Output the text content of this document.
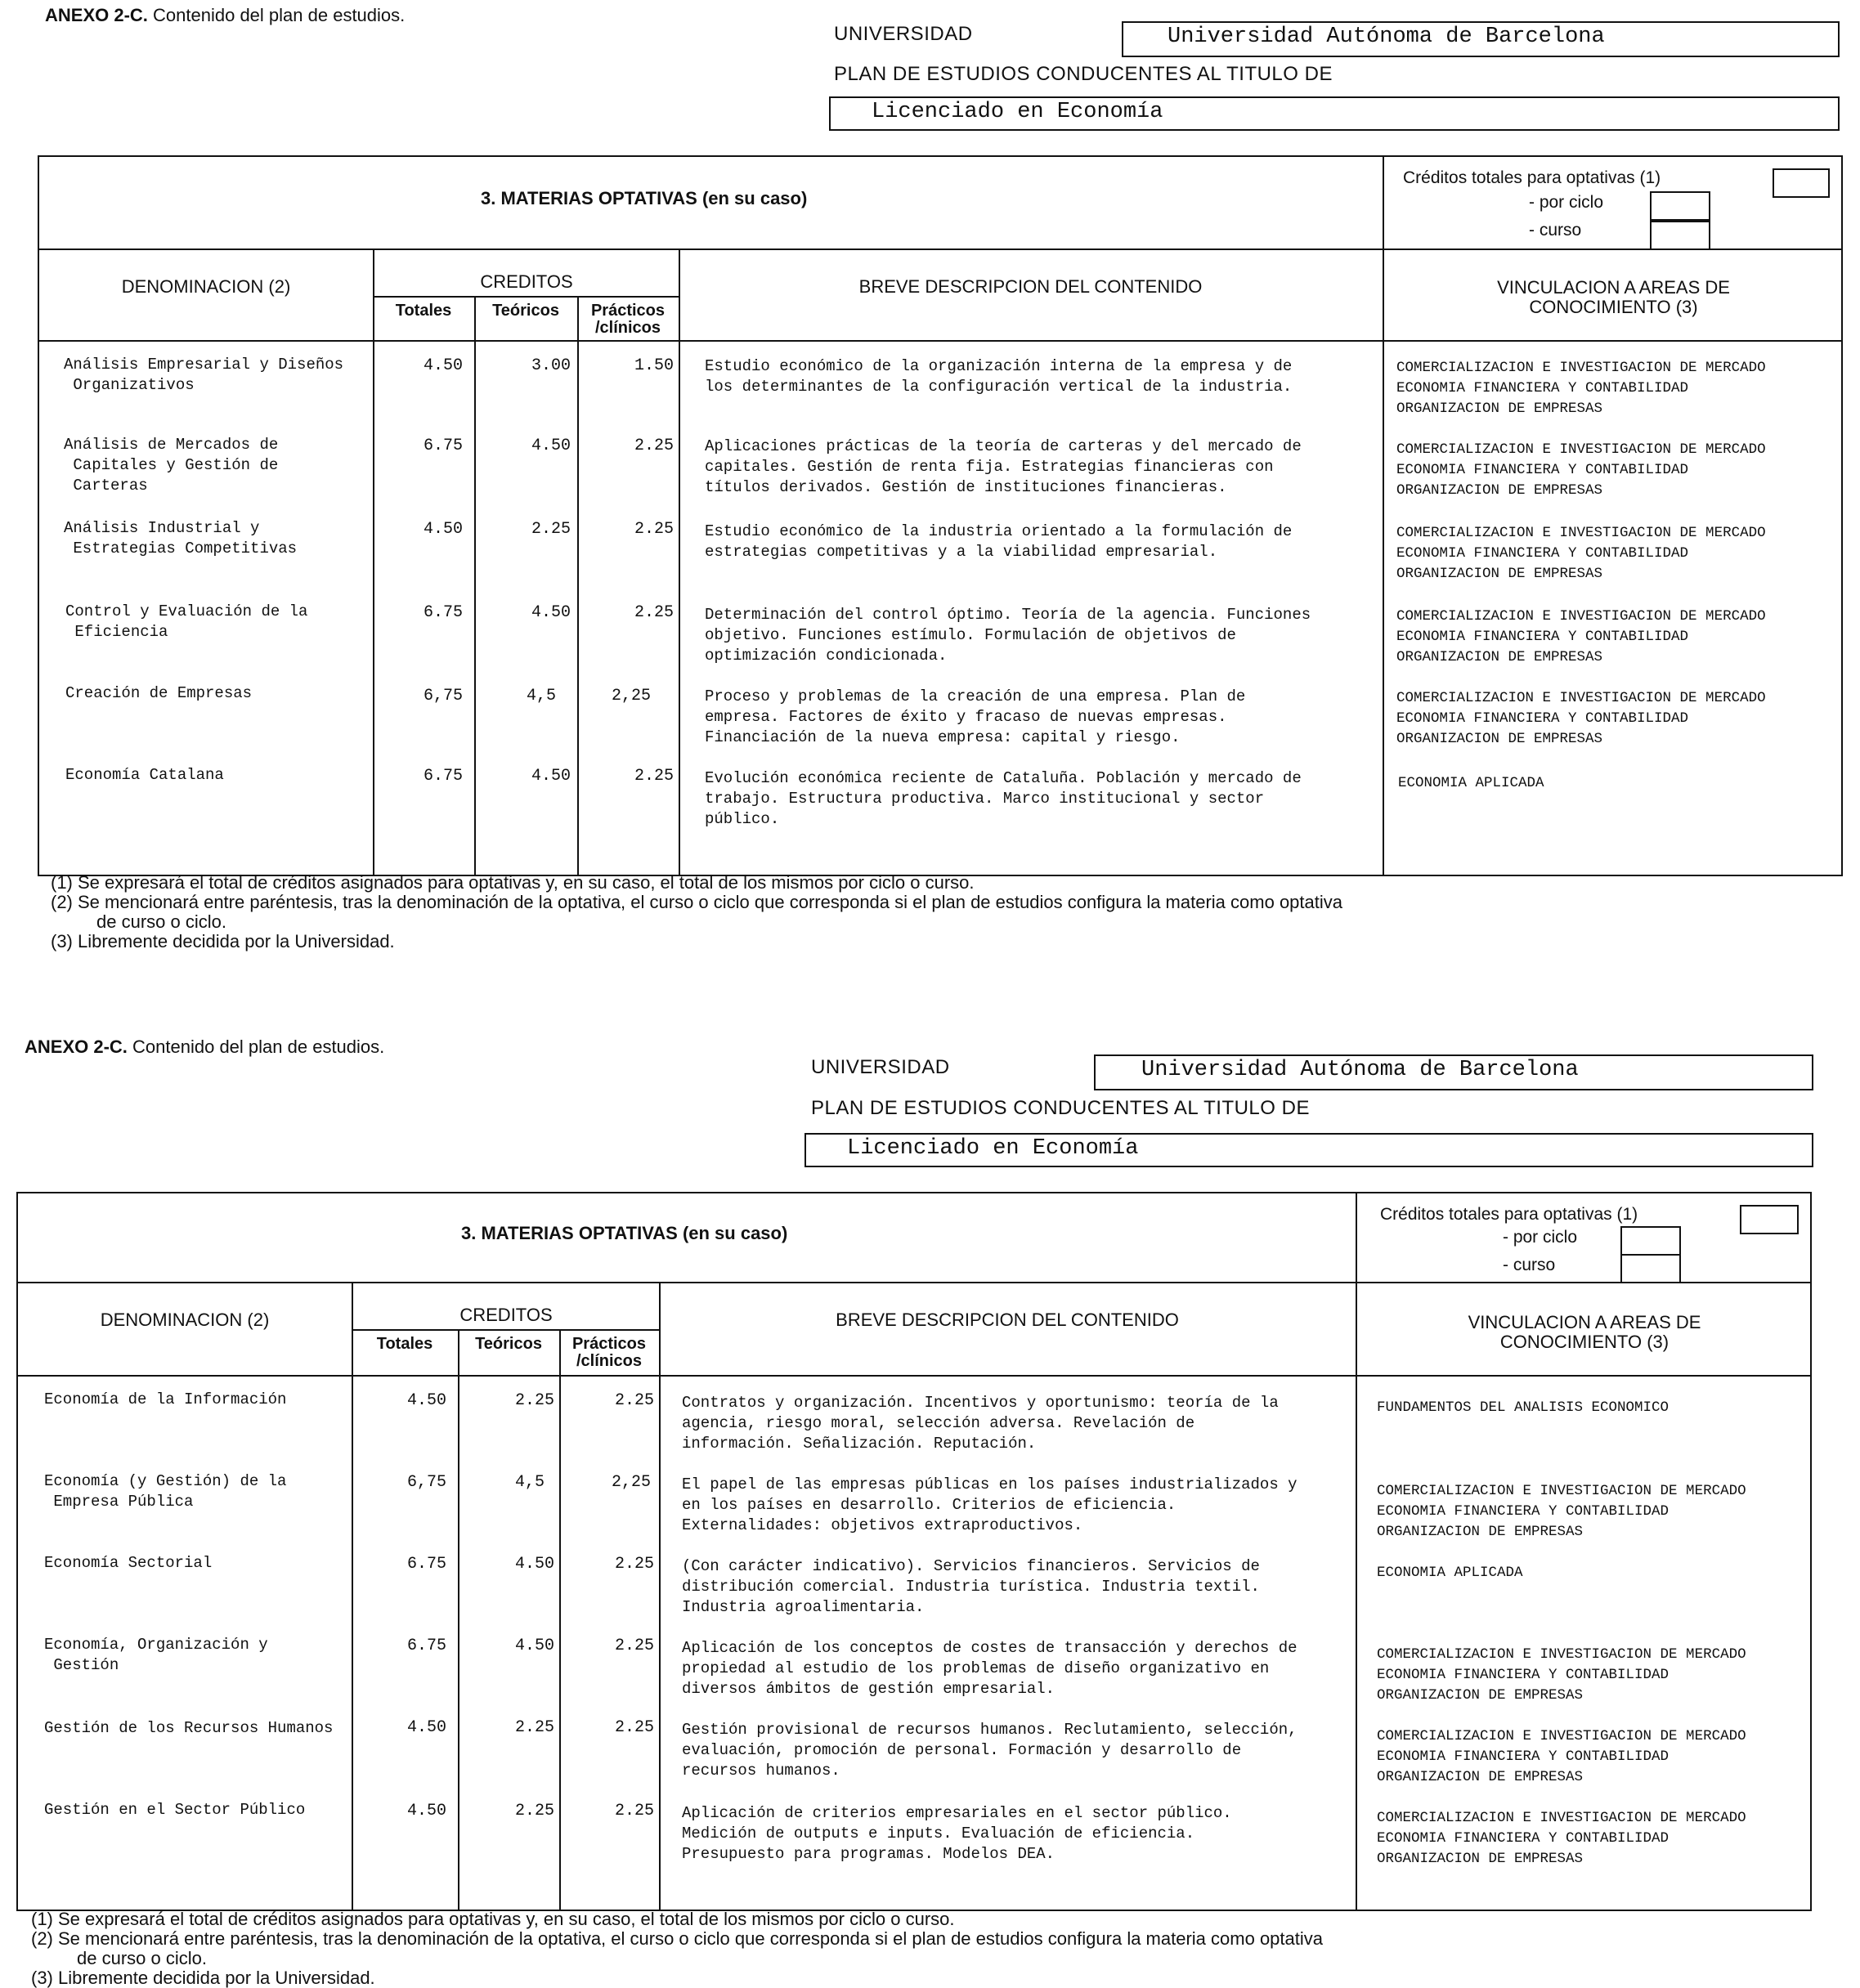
ANEXO 2-C. Contenido del plan de estudios.
UNIVERSIDAD	Universidad Autónoma de Barcelona
PLAN DE ESTUDIOS CONDUCENTES AL TITULO DE
Licenciado en Economía
3. MATERIAS OPTATIVAS (en su caso)
Créditos totales para optativas (1)
- por ciclo
- curso
DENOMINACION (2)	CREDITOS
Totales	Teóricos	Prácticos
/clínicos
BREVE DESCRIPCION DEL CONTENIDO	VINCULACION A AREAS DE
CONOCIMIENTO (3)
Análisis Empresarial y Diseños
Organizativos
4.50	3.00	1.50 Estudio económico de la organización interna de la empresa y de
los determinantes de la configuración vertical de la industria.
COMERCIALIZACION E INVESTIGACION DE MERCADO
ECONOMIA FINANCIERA Y CONTABILIDAD
ORGANIZACION DE EMPRESAS
Análisis de Mercados de
Capitales y Gestión de
Carteras
6.75	4.50	2.25 Aplicaciones prácticas de la teoría de carteras y del mercado de
capitales. Gestión de renta fija. Estrategias financieras con
títulos derivados. Gestión de instituciones financieras.
COMERCIALIZACION E INVESTIGACION DE MERCADO
ECONOMIA FINANCIERA Y CONTABILIDAD
ORGANIZACION DE EMPRESAS
Análisis Industrial y
Estrategias Competitivas
4.50	2.25	2.25 Estudio económico de la industria orientado a la formulación de
estrategias competitivas y a la viabilidad empresarial.
COMERCIALIZACION E INVESTIGACION DE MERCADO
ECONOMIA FINANCIERA Y CONTABILIDAD
ORGANIZACION DE EMPRESAS
Control y Evaluación de la
Eficiencia
6.75	4.50	2.25 Determinación del control óptimo. Teoría de la agencia. Funciones
objetivo. Funciones estímulo. Formulación de objetivos de
optimización condicionada.
COMERCIALIZACION E INVESTIGACION DE MERCADO
ECONOMIA FINANCIERA Y CONTABILIDAD
ORGANIZACION DE EMPRESAS
Creación de Empresas	6,75	4,5	2,25	Proceso y problemas de la creación de una empresa. Plan de
empresa. Factores de éxito y fracaso de nuevas empresas.
Financiación de la nueva empresa: capital y riesgo.
COMERCIALIZACION E INVESTIGACION DE MERCADO
ECONOMIA FINANCIERA Y CONTABILIDAD
ORGANIZACION DE EMPRESAS
Economía Catalana	6.75	4.50	2.25 Evolución económica reciente de Cataluña. Población y mercado de
trabajo. Estructura productiva. Marco institucional y sector
público.
ECONOMIA APLICADA
(1) Se expresará el total de créditos asignados para optativas y, en su caso, el total de los mismos por ciclo o curso.
(2) Se mencionará entre paréntesis, tras la denominación de la optativa, el curso o ciclo que corresponda si el plan de estudios configura la materia como optativa
de curso o ciclo.
(3) Libremente decidida por la Universidad.
ANEXO 2-C. Contenido del plan de estudios.
UNIVERSIDAD	Universidad Autónoma de Barcelona
PLAN DE ESTUDIOS CONDUCENTES AL TITULO DE
Licenciado en Economía
3. MATERIAS OPTATIVAS (en su caso)
Créditos totales para optativas (1)
- por ciclo
- curso
DENOMINACION (2)	CREDITOS
Totales	Teóricos	Prácticos
/clínicos
BREVE DESCRIPCION DEL CONTENIDO	VINCULACION A AREAS DE
CONOCIMIENTO (3)
Economía de la Información	4.50	2.25	2.25 Contratos y organización. Incentivos y oportunismo: teoría de la
agencia, riesgo moral, selección adversa. Revelación de
información. Señalización. Reputación.
FUNDAMENTOS DEL ANALISIS ECONOMICO
Economía (y Gestión) de la
Empresa Pública
6,75	4,5	2,25 El papel de las empresas públicas en los países industrializados y
en los países en desarrollo. Criterios de eficiencia.
Externalidades: objetivos extraproductivos.
COMERCIALIZACION E INVESTIGACION DE MERCADO
ECONOMIA FINANCIERA Y CONTABILIDAD
ORGANIZACION DE EMPRESAS
Economía Sectorial	6.75	4.50	2.25 (Con carácter indicativo). Servicios financieros. Servicios de
distribución comercial. Industria turística. Industria textil.
Industria agroalimentaria.
ECONOMIA APLICADA
Economía, Organización y
Gestión
6.75	4.50	2.25 Aplicación de los conceptos de costes de transacción y derechos de
propiedad al estudio de los problemas de diseño organizativo en
diversos ámbitos de gestión empresarial.
COMERCIALIZACION E INVESTIGACION DE MERCADO
ECONOMIA FINANCIERA Y CONTABILIDAD
ORGANIZACION DE EMPRESAS
Gestión de los Recursos Humanos	4.50	2.25	2.25 Gestión provisional de recursos humanos. Reclutamiento, selección,
evaluación, promoción de personal. Formación y desarrollo de
recursos humanos.
COMERCIALIZACION E INVESTIGACION DE MERCADO
ECONOMIA FINANCIERA Y CONTABILIDAD
ORGANIZACION DE EMPRESAS
Gestión en el Sector Público	4.50	2.25	2.25 Aplicación de criterios empresariales en el sector público.
Medición de outputs e inputs. Evaluación de eficiencia.
Presupuesto para programas. Modelos DEA.
COMERCIALIZACION E INVESTIGACION DE MERCADO
ECONOMIA FINANCIERA Y CONTABILIDAD
ORGANIZACION DE EMPRESAS
(1) Se expresará el total de créditos asignados para optativas y, en su caso, el total de los mismos por ciclo o curso.
(2) Se mencionará entre paréntesis, tras la denominación de la optativa, el curso o ciclo que corresponda si el plan de estudios configura la materia como optativa
de curso o ciclo.
(3) Libremente decidida por la Universidad.
